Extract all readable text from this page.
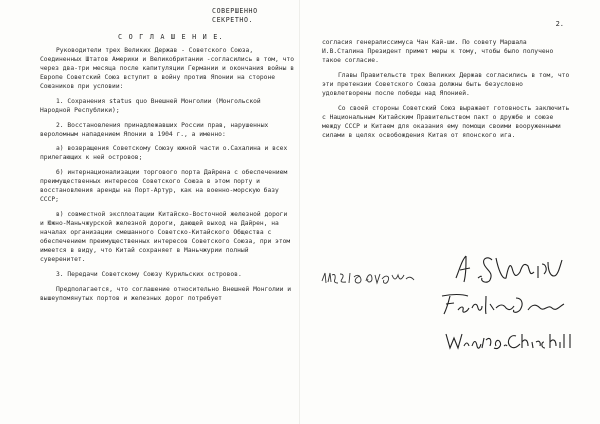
СОВЕРШЕННО СЕКРЕТНО.
С О Г Л А Ш Е Н И Е.

Руководители трех Великих Держав - Советского Союза, Соединенных Штатов Америки и Великобритании -согласились в том, что через два-три месяца после капитуляции Германии и окончания войны в Европе Советский Союз вступит в войну против Японии на стороне Союзников при условии:

1. Сохранения status quo Внешней Монголии (Монгольской Народной Республики);

2. Восстановления принадлежавших России прав, нарушенных вероломным нападением Японии в 1904 г., а именно:

а) возвращения Советскому Союзу южной части о.Сахалина и всех прилегающих к ней островов;

б) интернационализации торгового порта Дайрена с обеспечением преимущественных интересов Советского Союза в этом порту и восстановления аренды на Порт-Артур, как на военно-морскую базу СССР;

в) совместной эксплоатации Китайско-Восточной железной дороги и Южно-Маньчжурской железной дороги, дающей выход на Дайрен, на началах организации смешанного Советско-Китайского Общества с обеспечением преимущественных интересов Советского Союза, при этом имеется в виду, что Китай сохраняет в Маньчжурии полный суверенитет.

3. Передачи Советскому Союзу Курильских островов.

Предполагается, что соглашение относительно Внешней Монголии и вышеупомянутых портов и железных дорог потребует

2.

согласия генералиссимуса Чан Кай-ши. По совету Маршала И.В.Сталина Президент примет меры к тому, чтобы было получено такое согласие.

Главы Правительств трех Великих Держав согласились в том, что эти претензии Советского Союза должны быть безусловно удовлетворены после победы над Японией.

Со своей стороны Советский Союз выражает готовность заключить с Национальным Китайским Правительством пакт о дружбе и союзе между СССР и Китаем для оказания ему помощи своими вооруженными силами в целях освобождения Китая от японского ига.
